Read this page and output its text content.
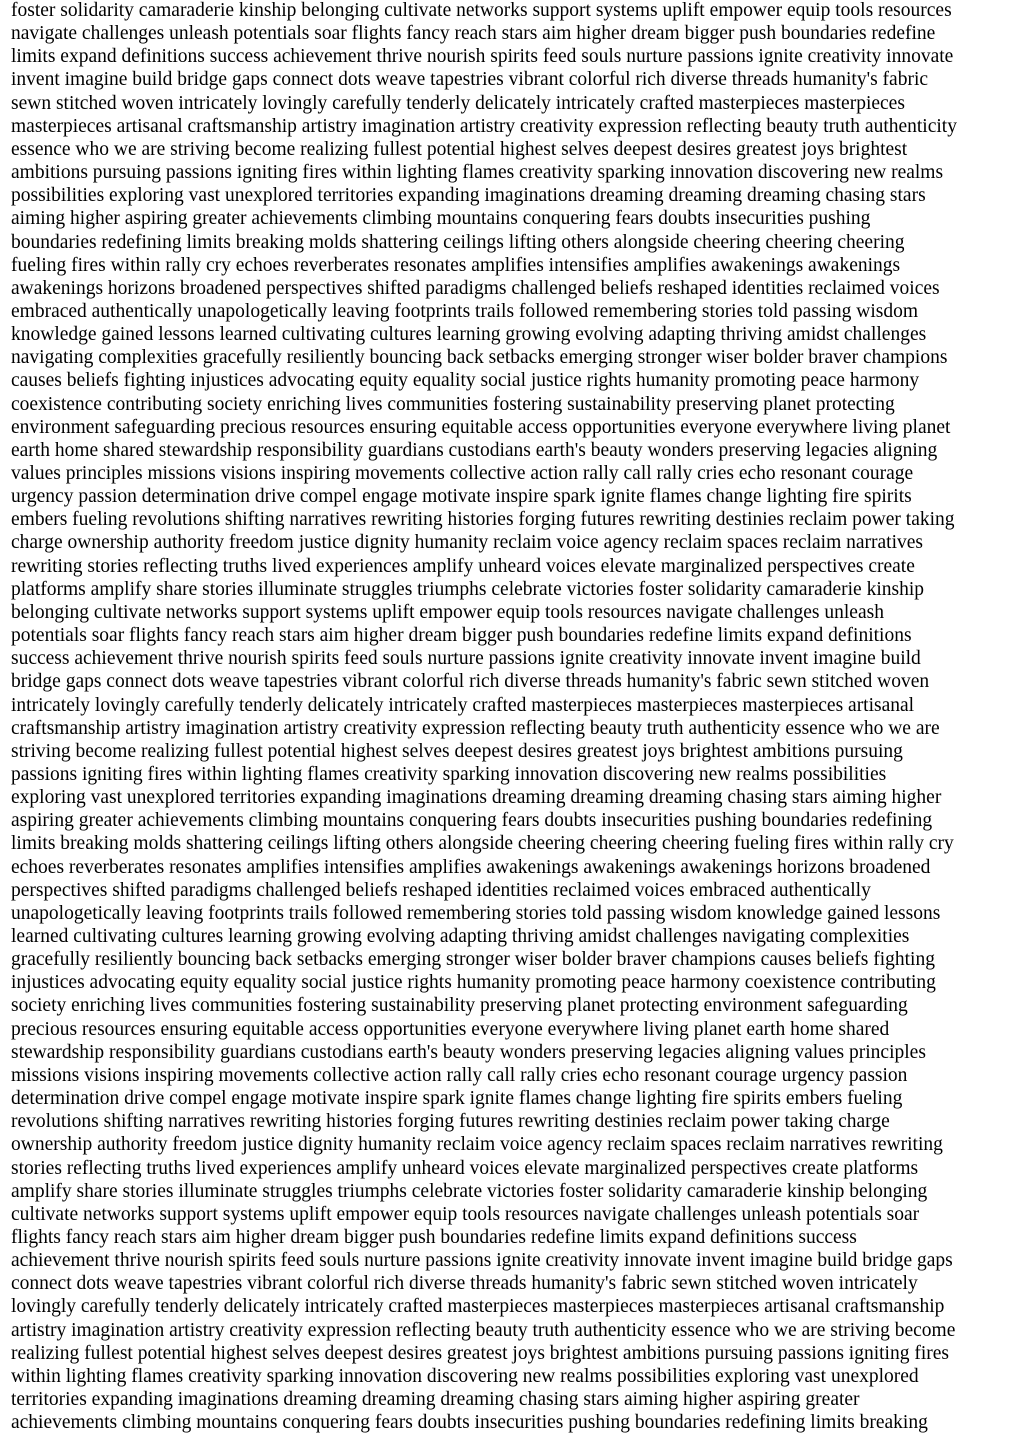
foster solidarity camaraderie kinship belonging cultivate networks support systems uplift empower equip tools resources
navigate challenges unleash potentials soar flights fancy reach stars aim higher dream bigger push boundaries redefine
limits expand definitions success achievement thrive nourish spirits feed souls nurture passions ignite creativity innovate
invent imagine build bridge gaps connect dots weave tapestries vibrant colorful rich diverse threads humanity's fabric
sewn stitched woven intricately lovingly carefully tenderly delicately intricately crafted masterpieces masterpieces
masterpieces artisanal craftsmanship artistry imagination artistry creativity expression reflecting beauty truth authenticity
essence who we are striving become realizing fullest potential highest selves deepest desires greatest joys brightest
ambitions pursuing passions igniting fires within lighting flames creativity sparking innovation discovering new realms
possibilities exploring vast unexplored territories expanding imaginations dreaming dreaming dreaming chasing stars
aiming higher aspiring greater achievements climbing mountains conquering fears doubts insecurities pushing
boundaries redefining limits breaking molds shattering ceilings lifting others alongside cheering cheering cheering
fueling fires within rally cry echoes reverberates resonates amplifies intensifies amplifies awakenings awakenings
awakenings horizons broadened perspectives shifted paradigms challenged beliefs reshaped identities reclaimed voices
embraced authentically unapologetically leaving footprints trails followed remembering stories told passing wisdom
knowledge gained lessons learned cultivating cultures learning growing evolving adapting thriving amidst challenges
navigating complexities gracefully resiliently bouncing back setbacks emerging stronger wiser bolder braver champions
causes beliefs fighting injustices advocating equity equality social justice rights humanity promoting peace harmony
coexistence contributing society enriching lives communities fostering sustainability preserving planet protecting
environment safeguarding precious resources ensuring equitable access opportunities everyone everywhere living planet
earth home shared stewardship responsibility guardians custodians earth's beauty wonders preserving legacies aligning
values principles missions visions inspiring movements collective action rally call rally cries echo resonant courage
urgency passion determination drive compel engage motivate inspire spark ignite flames change lighting fire spirits
embers fueling revolutions shifting narratives rewriting histories forging futures rewriting destinies reclaim power taking
charge ownership authority freedom justice dignity humanity reclaim voice agency reclaim spaces reclaim narratives
rewriting stories reflecting truths lived experiences amplify unheard voices elevate marginalized perspectives create
platforms amplify share stories illuminate struggles triumphs celebrate victories foster solidarity camaraderie kinship
belonging cultivate networks support systems uplift empower equip tools resources navigate challenges unleash
potentials soar flights fancy reach stars aim higher dream bigger push boundaries redefine limits expand definitions
success achievement thrive nourish spirits feed souls nurture passions ignite creativity innovate invent imagine build
bridge gaps connect dots weave tapestries vibrant colorful rich diverse threads humanity's fabric sewn stitched woven
intricately lovingly carefully tenderly delicately intricately crafted masterpieces masterpieces masterpieces artisanal
craftsmanship artistry imagination artistry creativity expression reflecting beauty truth authenticity essence who we are
striving become realizing fullest potential highest selves deepest desires greatest joys brightest ambitions pursuing
passions igniting fires within lighting flames creativity sparking innovation discovering new realms possibilities
exploring vast unexplored territories expanding imaginations dreaming dreaming dreaming chasing stars aiming higher
aspiring greater achievements climbing mountains conquering fears doubts insecurities pushing boundaries redefining
limits breaking molds shattering ceilings lifting others alongside cheering cheering cheering fueling fires within rally cry
echoes reverberates resonates amplifies intensifies amplifies awakenings awakenings awakenings horizons broadened
perspectives shifted paradigms challenged beliefs reshaped identities reclaimed voices embraced authentically
unapologetically leaving footprints trails followed remembering stories told passing wisdom knowledge gained lessons
learned cultivating cultures learning growing evolving adapting thriving amidst challenges navigating complexities
gracefully resiliently bouncing back setbacks emerging stronger wiser bolder braver champions causes beliefs fighting
injustices advocating equity equality social justice rights humanity promoting peace harmony coexistence contributing
society enriching lives communities fostering sustainability preserving planet protecting environment safeguarding
precious resources ensuring equitable access opportunities everyone everywhere living planet earth home shared
stewardship responsibility guardians custodians earth's beauty wonders preserving legacies aligning values principles
missions visions inspiring movements collective action rally call rally cries echo resonant courage urgency passion
determination drive compel engage motivate inspire spark ignite flames change lighting fire spirits embers fueling
revolutions shifting narratives rewriting histories forging futures rewriting destinies reclaim power taking charge
ownership authority freedom justice dignity humanity reclaim voice agency reclaim spaces reclaim narratives rewriting
stories reflecting truths lived experiences amplify unheard voices elevate marginalized perspectives create platforms
amplify share stories illuminate struggles triumphs celebrate victories foster solidarity camaraderie kinship belonging
cultivate networks support systems uplift empower equip tools resources navigate challenges unleash potentials soar
flights fancy reach stars aim higher dream bigger push boundaries redefine limits expand definitions success
achievement thrive nourish spirits feed souls nurture passions ignite creativity innovate invent imagine build bridge gaps
connect dots weave tapestries vibrant colorful rich diverse threads humanity's fabric sewn stitched woven intricately
lovingly carefully tenderly delicately intricately crafted masterpieces masterpieces masterpieces artisanal craftsmanship
artistry imagination artistry creativity expression reflecting beauty truth authenticity essence who we are striving become
realizing fullest potential highest selves deepest desires greatest joys brightest ambitions pursuing passions igniting fires
within lighting flames creativity sparking innovation discovering new realms possibilities exploring vast unexplored
territories expanding imaginations dreaming dreaming dreaming chasing stars aiming higher aspiring greater
achievements climbing mountains conquering fears doubts insecurities pushing boundaries redefining limits breaking
